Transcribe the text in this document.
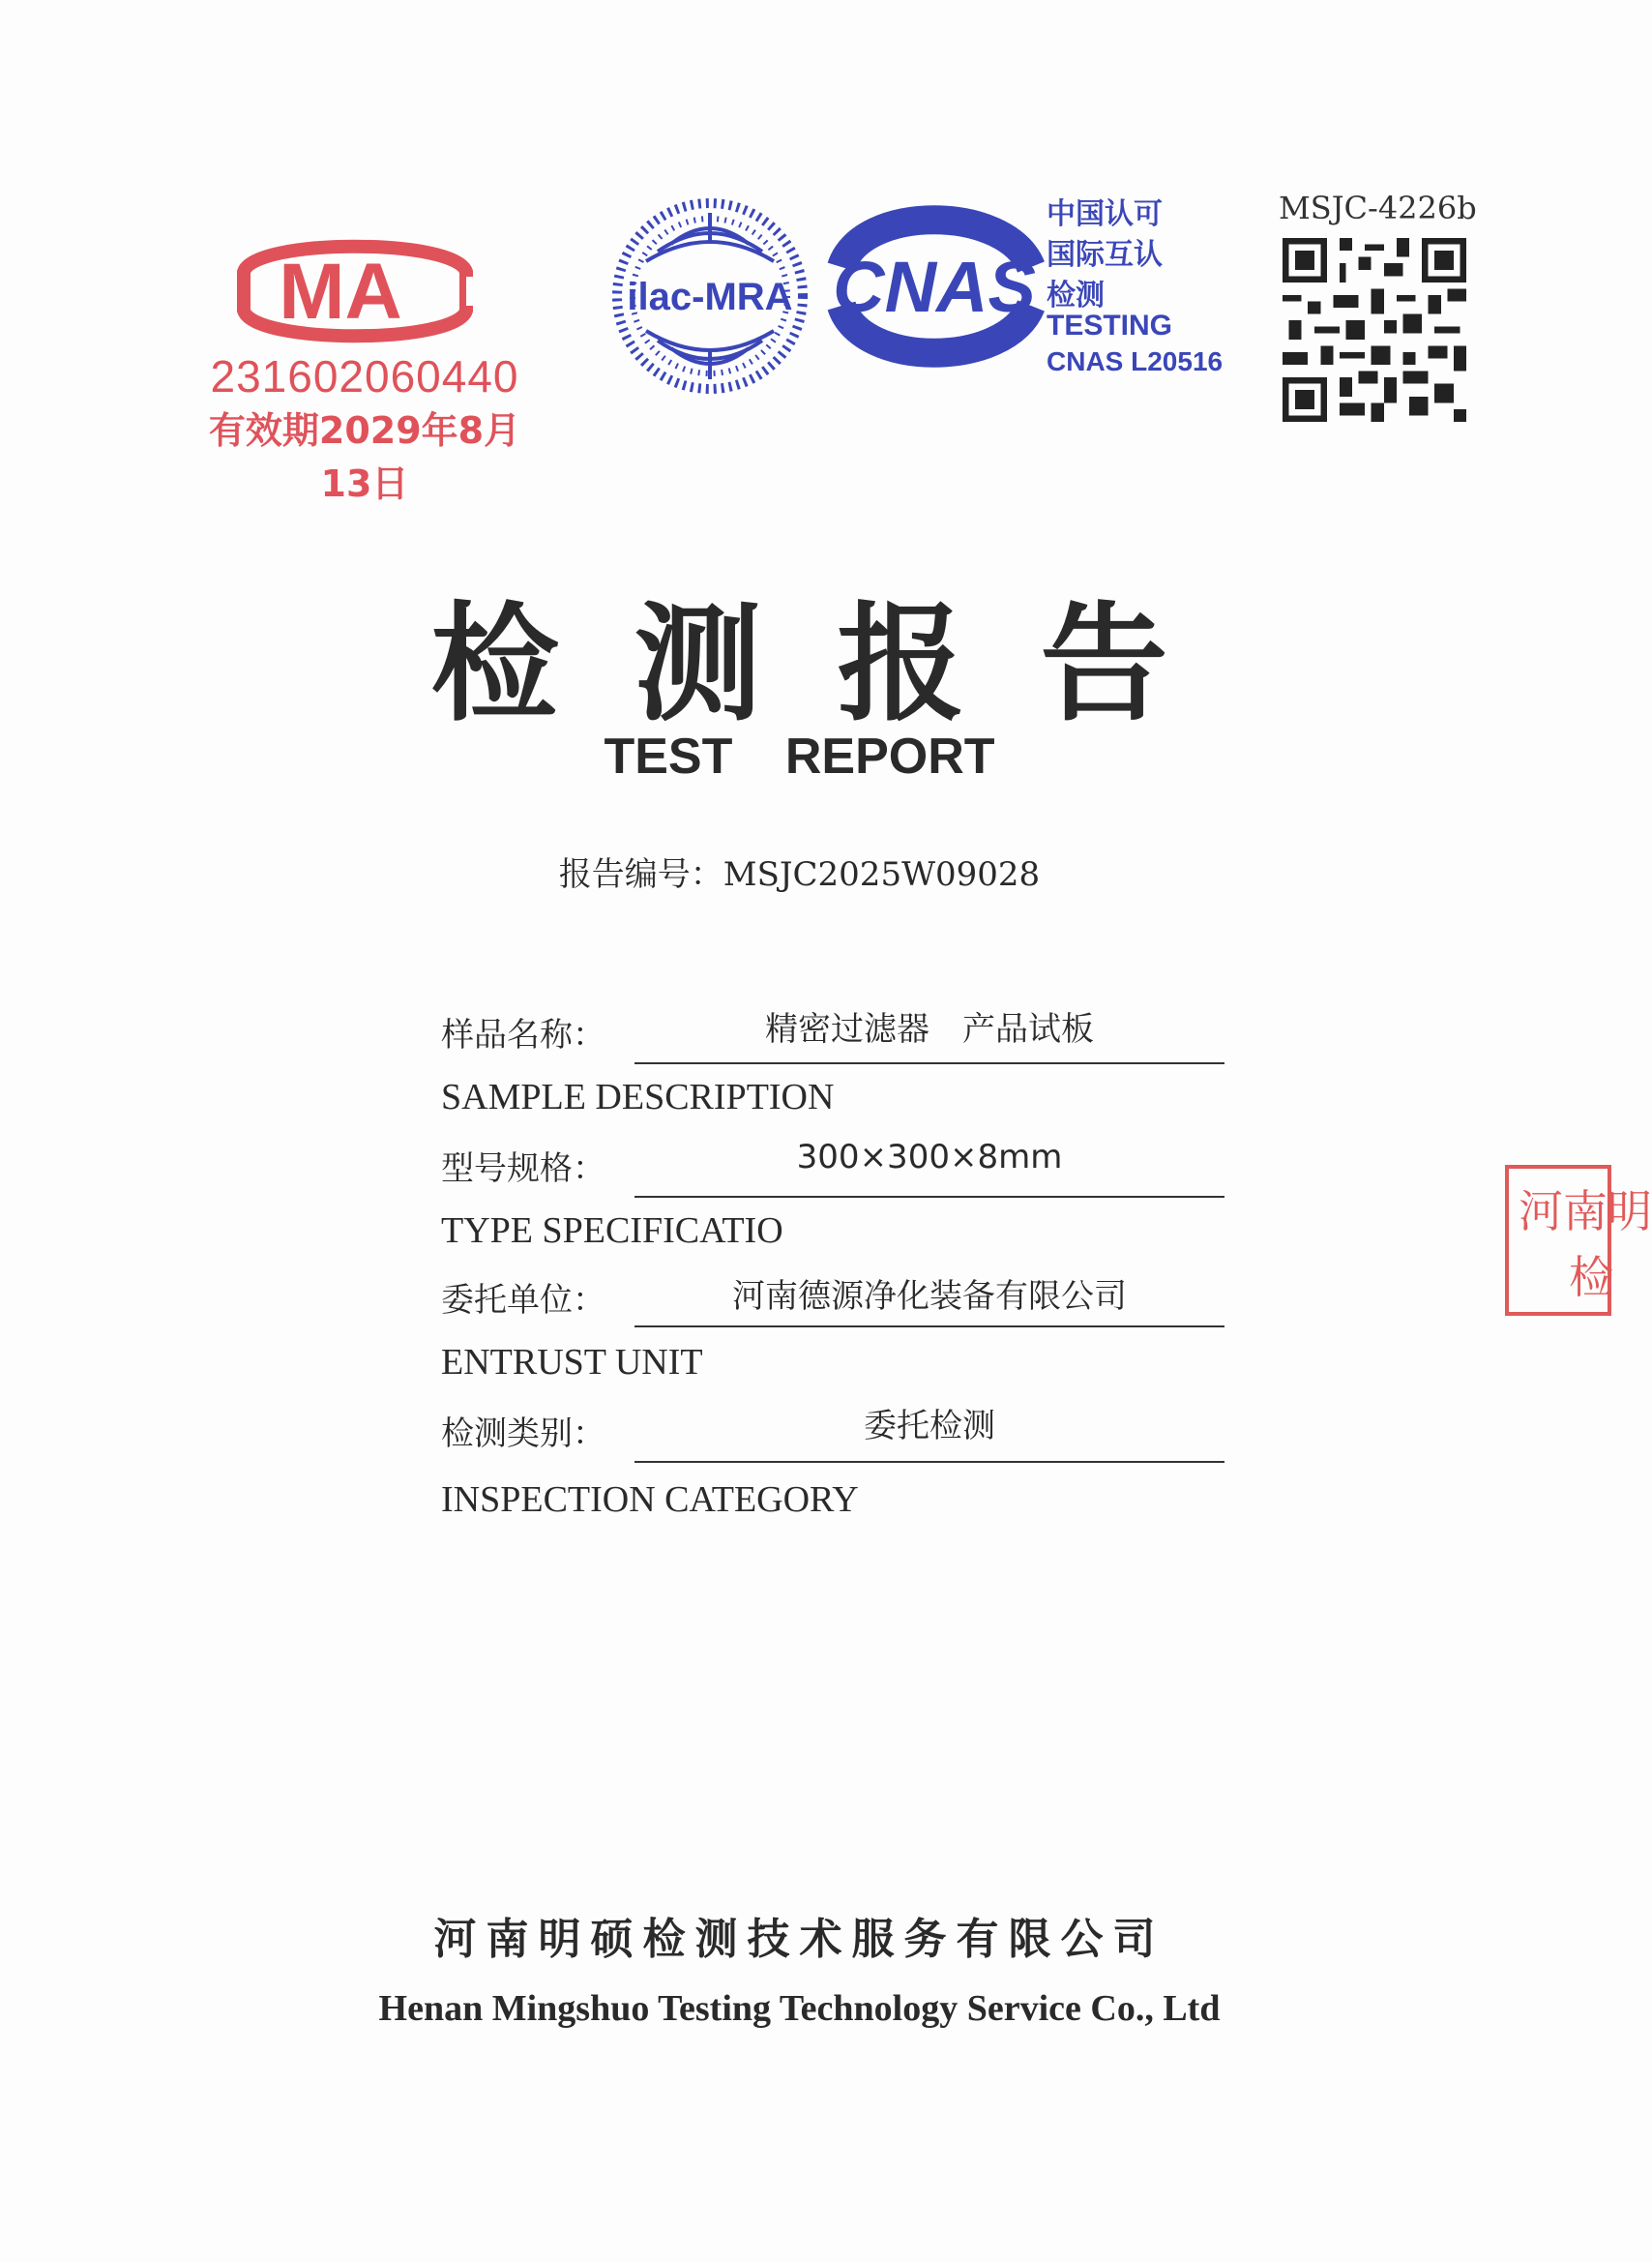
MA
231602060440
有效期2029年8月13日
ilac-MRA CNAS
中国认可
国际互认
检测
TESTING
CNAS L20516
MSJC-4226b
检测报告
TEST REPORT
报告编号：MSJC2025W09028
样品名称：	精密过滤器　产品试板
SAMPLE DESCRIPTION
型号规格：	300×300×8mm
TYPE SPECIFICATIO
委托单位：	河南德源净化装备有限公司
ENTRUST UNIT
检测类别：	委托检测
INSPECTION CATEGORY
河南明
检
河南明硕检测技术服务有限公司
Henan Mingshuo Testing Technology Service Co., Ltd
